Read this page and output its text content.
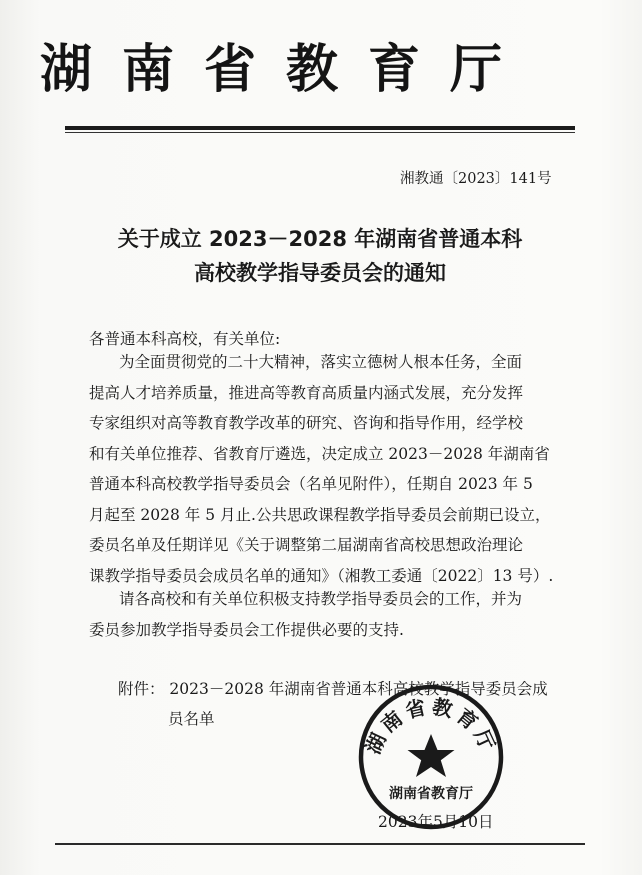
湖南省教育厅
湘教通〔2023〕141号
关于成立 2023－2028 年湖南省普通本科
高校教学指导委员会的通知
各普通本科高校，有关单位:
为全面贯彻党的二十大精神，落实立德树人根本任务，全面
提高人才培养质量，推进高等教育高质量内涵式发展，充分发挥
专家组织对高等教育教学改革的研究、咨询和指导作用，经学校
和有关单位推荐、省教育厅遴选，决定成立 2023－2028 年湖南省
普通本科高校教学指导委员会（名单见附件），任期自 2023 年 5
月起至 2028 年 5 月止.公共思政课程教学指导委员会前期已设立，
委员名单及任期详见《关于调整第二届湖南省高校思想政治理论
课教学指导委员会成员名单的通知》（湘教工委通〔2022〕13 号）.
请各高校和有关单位积极支持教学指导委员会的工作，并为
委员参加教学指导委员会工作提供必要的支持.
附件： 2023－2028 年湖南省普通本科高校教学指导委员会成
员名单
湖南省教育厅
湖南省教育厅
2023年5月10日
